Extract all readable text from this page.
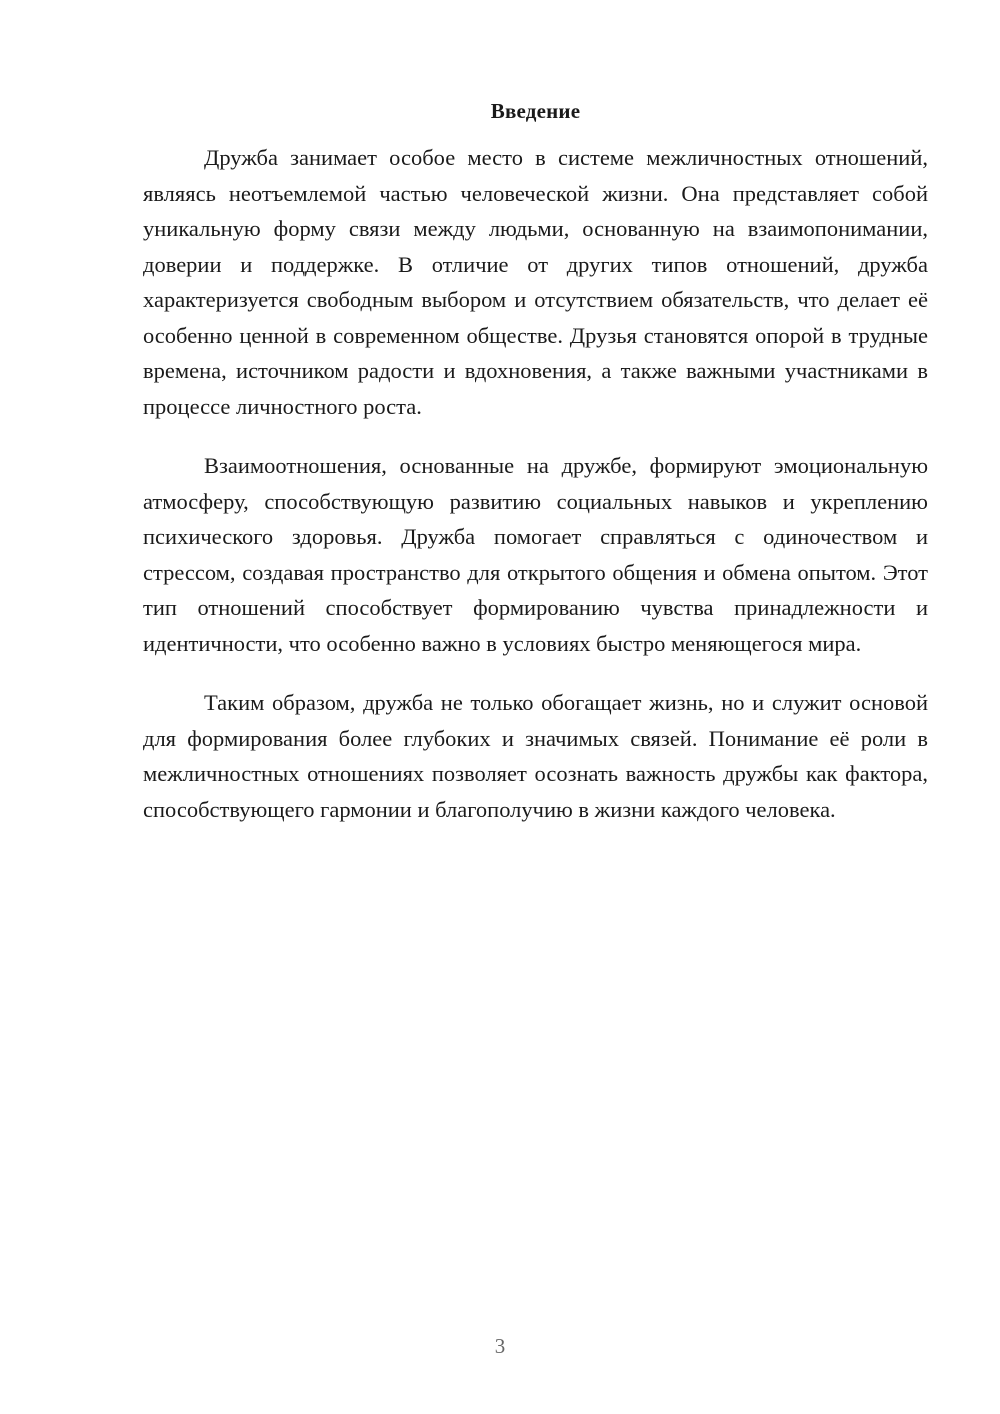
Введение

Дружба занимает особое место в системе межличностных отношений, являясь неотъемлемой частью человеческой жизни. Она представляет собой уникальную форму связи между людьми, основанную на взаимопонимании, доверии и поддержке. В отличие от других типов отношений, дружба характеризуется свободным выбором и отсутствием обязательств, что делает её особенно ценной в современном обществе. Друзья становятся опорой в трудные времена, источником радости и вдохновения, а также важными участниками в процессе личностного роста.

Взаимоотношения, основанные на дружбе, формируют эмоциональную атмосферу, способствующую развитию социальных навыков и укреплению психического здоровья. Дружба помогает справляться с одиночеством и стрессом, создавая пространство для открытого общения и обмена опытом. Этот тип отношений способствует формированию чувства принадлежности и идентичности, что особенно важно в условиях быстро меняющегося мира.

Таким образом, дружба не только обогащает жизнь, но и служит основой для формирования более глубоких и значимых связей. Понимание её роли в межличностных отношениях позволяет осознать важность дружбы как фактора, способствующего гармонии и благополучию в жизни каждого человека.

3
